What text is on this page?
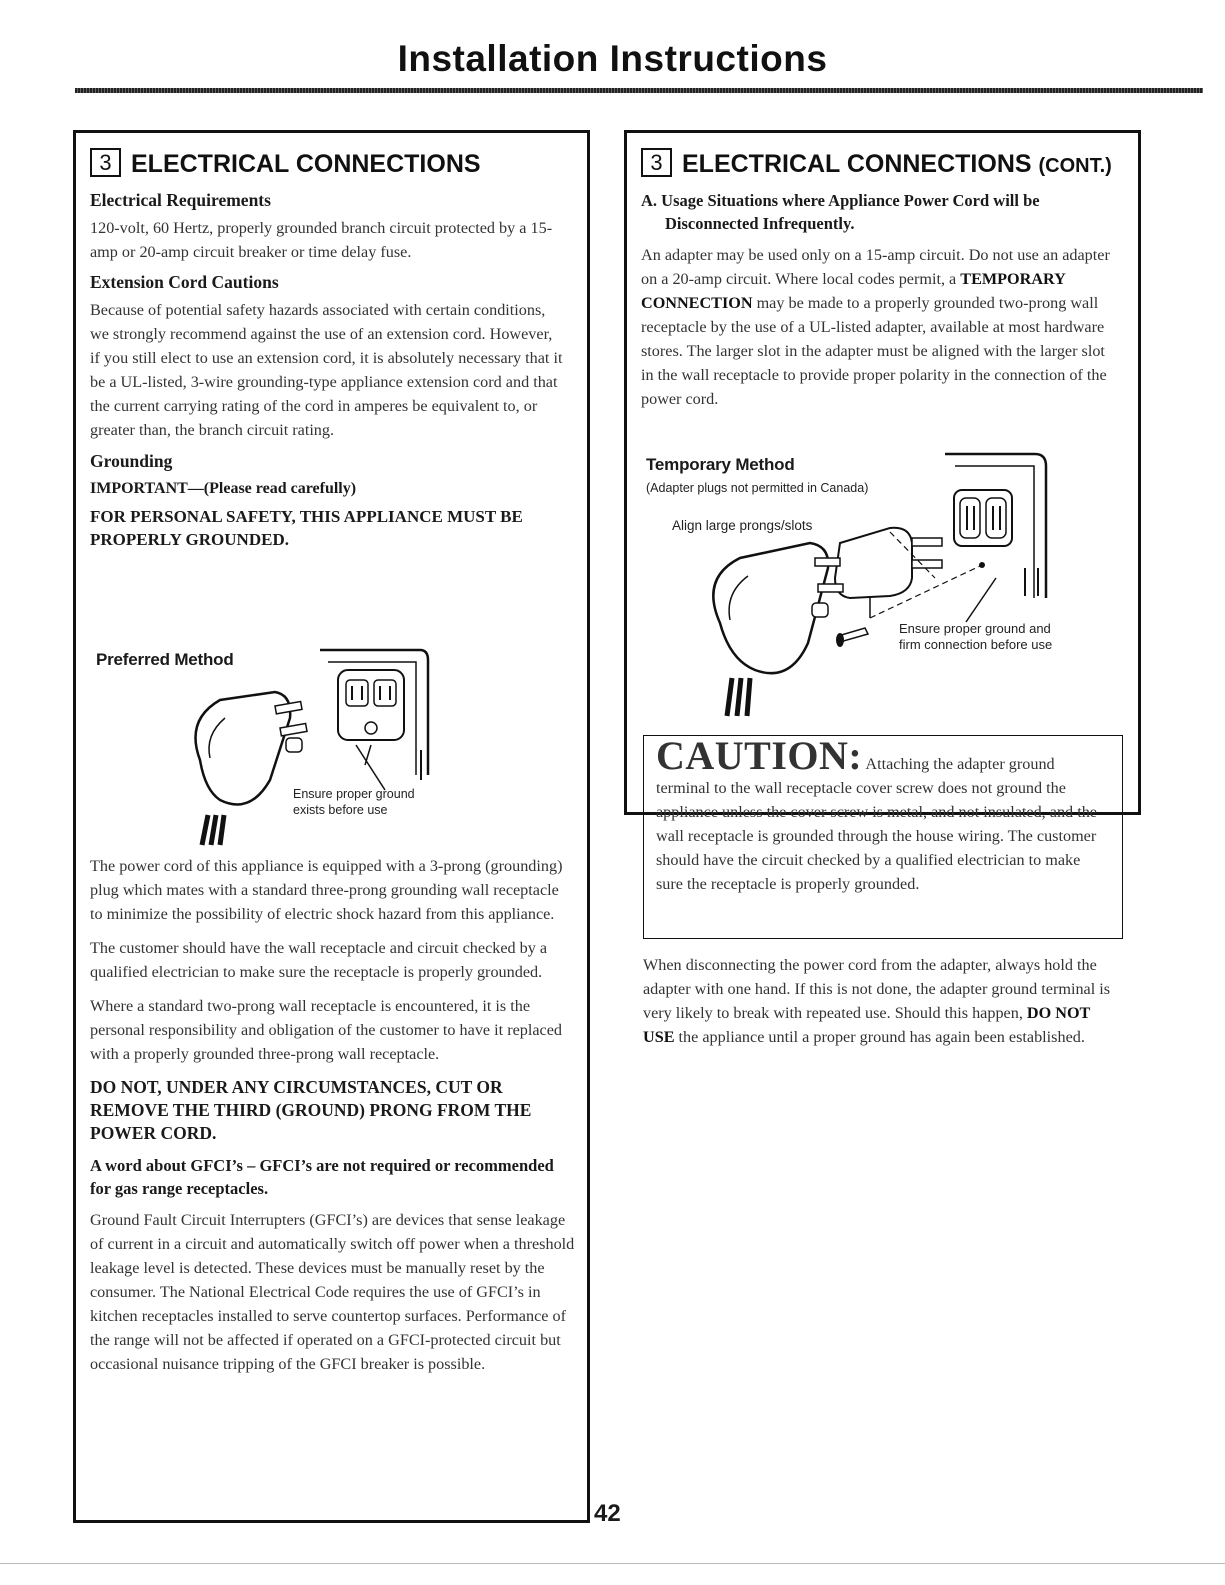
Installation Instructions
3 ELECTRICAL CONNECTIONS

Electrical Requirements

120-volt, 60 Hertz, properly grounded branch circuit protected by a 15-amp or 20-amp circuit breaker or time delay fuse.

Extension Cord Cautions

Because of potential safety hazards associated with certain conditions, we strongly recommend against the use of an extension cord. However, if you still elect to use an extension cord, it is absolutely necessary that it be a UL-listed, 3-wire grounding-type appliance extension cord and that the current carrying rating of the cord in amperes be equivalent to, or greater than, the branch circuit rating.

Grounding

IMPORTANT—(Please read carefully)

FOR PERSONAL SAFETY, THIS APPLIANCE MUST BE PROPERLY GROUNDED.

Preferred Method

Ensure proper ground exists before use

The power cord of this appliance is equipped with a 3-prong (grounding) plug which mates with a standard three-prong grounding wall receptacle to minimize the possibility of electric shock hazard from this appliance.

The customer should have the wall receptacle and circuit checked by a qualified electrician to make sure the receptacle is properly grounded.

Where a standard two-prong wall receptacle is encountered, it is the personal responsibility and obligation of the customer to have it replaced with a properly grounded three-prong wall receptacle.

DO NOT, UNDER ANY CIRCUMSTANCES, CUT OR REMOVE THE THIRD (GROUND) PRONG FROM THE POWER CORD.

A word about GFCI’s – GFCI’s are not required or recommended for gas range receptacles.

Ground Fault Circuit Interrupters (GFCI’s) are devices that sense leakage of current in a circuit and automatically switch off power when a threshold leakage level is detected. These devices must be manually reset by the consumer. The National Electrical Code requires the use of GFCI’s in kitchen receptacles installed to serve countertop surfaces. Performance of the range will not be affected if operated on a GFCI-protected circuit but occasional nuisance tripping of the GFCI breaker is possible.

3 ELECTRICAL CONNECTIONS (CONT.)

A. Usage Situations where Appliance Power Cord will be Disconnected Infrequently.

An adapter may be used only on a 15-amp circuit. Do not use an adapter on a 20-amp circuit. Where local codes permit, a TEMPORARY CONNECTION may be made to a properly grounded two-prong wall receptacle by the use of a UL-listed adapter, available at most hardware stores. The larger slot in the adapter must be aligned with the larger slot in the wall receptacle to provide proper polarity in the connection of the power cord.

Temporary Method

(Adapter plugs not permitted in Canada)

Align large prongs/slots

Ensure proper ground and firm connection before use

CAUTION: Attaching the adapter ground terminal to the wall receptacle cover screw does not ground the appliance unless the cover screw is metal, and not insulated, and the wall receptacle is grounded through the house wiring. The customer should have the circuit checked by a qualified electrician to make sure the receptacle is properly grounded.

When disconnecting the power cord from the adapter, always hold the adapter with one hand. If this is not done, the adapter ground terminal is very likely to break with repeated use. Should this happen, DO NOT USE the appliance until a proper ground has again been established.

42
